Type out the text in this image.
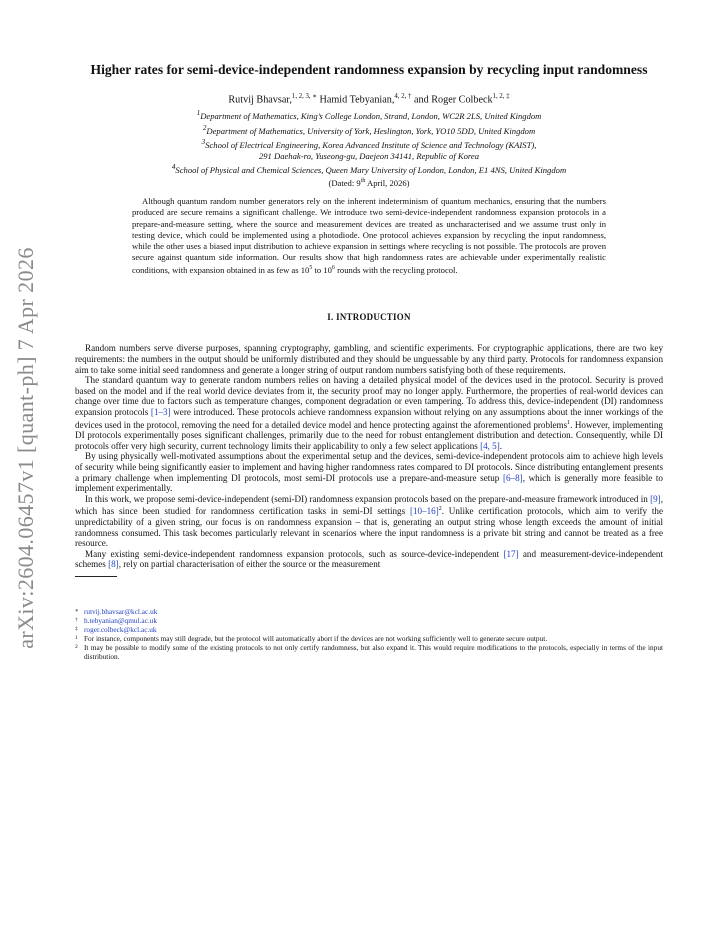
arXiv:2604.06457v1 [quant-ph] 7 Apr 2026
Higher rates for semi-device-independent randomness expansion by recycling input randomness
Rutvij Bhavsar,$^{1, 2, 3, ∗}$ Hamid Tebyanian,$^{4, 2, \dagger}$ and Roger Colbeck$^{1, 2, \ddagger}$
$^1$Department of Mathematics, King’s College London, Strand, London, WC2R 2LS, United Kingdom
$^2$Department of Mathematics, University of York, Heslington, York, YO10 5DD, United Kingdom
$^3$School of Electrical Engineering, Korea Advanced Institute of Science and Technology (KAIST),
291 Daehak-ro, Yuseong-gu, Daejeon 34141, Republic of Korea
$^4$School of Physical and Chemical Sciences, Queen Mary University of London, London, E1 4NS, United Kingdom
(Dated: 9th April, 2026)
Although quantum random number generators rely on the inherent indeterminism of quantum mechanics, ensuring that the numbers produced are secure remains a significant challenge. We introduce two semi-device-independent randomness expansion protocols in a prepare-and-measure setting, where the source and measurement devices are treated as uncharacterised and we assume trust only in testing device, which could be implemented using a photodiode. One protocol achieves expansion by recycling the input randomness, while the other uses a biased input distribution to achieve expansion in settings where recycling is not possible. The protocols are proven secure against quantum side information. Our results show that high randomness rates are achievable under experimentally realistic conditions, with expansion obtained in as few as $10^5$ to $10^6$ rounds with the recycling protocol.
I. INTRODUCTION

Random numbers serve diverse purposes, spanning cryptography, gambling, and scientific experiments. For cryptographic applications, there are two key requirements: the numbers in the output should be uniformly distributed and they should be unguessable by any third party. Protocols for randomness expansion aim to take some initial seed randomness and generate a longer string of output random numbers satisfying both of these requirements.

The standard quantum way to generate random numbers relies on having a detailed physical model of the devices used in the protocol. Security is proved based on the model and if the real world device deviates from it, the security proof may no longer apply. Furthermore, the properties of real-world devices can change over time due to factors such as temperature changes, component degradation or even tampering. To address this, device-independent (DI) randomness expansion protocols [1–3] were introduced. These protocols achieve randomness expansion without relying on any assumptions about the inner workings of the devices used in the protocol, removing the need for a detailed device model and hence protecting against the aforementioned problems$^1$. However, implementing DI protocols experimentally poses significant challenges, primarily due to the need for robust entanglement distribution and detection. Consequently, while DI protocols offer very high security, current technology limits their applicability to only a few select applications [4, 5].

By using physically well-motivated assumptions about the experimental setup and the devices, semi-device-independent protocols aim to achieve high levels of security while being significantly easier to implement and having higher randomness rates compared to DI protocols. Since distributing entanglement presents a primary challenge when implementing DI protocols, most semi-DI protocols use a prepare-and-measure setup [6–8], which is generally more feasible to implement experimentally.

In this work, we propose semi-device-independent (semi-DI) randomness expansion protocols based on the prepare-and-measure framework introduced in [9], which has since been studied for randomness certification tasks in semi-DI settings $[10-16]^2$. Unlike certification protocols, which aim to verify the unpredictability of a given string, our focus is on randomness expansion – that is, generating an output string whose length exceeds the amount of initial randomness consumed. This task becomes particularly relevant in scenarios where the input randomness is a private bit string and cannot be treated as a free resource.

Many existing semi-device-independent randomness expansion protocols, such as source-device-independent [17] and measurement-device-independent schemes [8], rely on partial characterisation of either the source or the measurement

∗ rutvij.bhavsar@kcl.ac.uk
† h.tebyanian@qmul.ac.uk
‡ roger.colbeck@kcl.ac.uk
1 For instance, components may still degrade, but the protocol will automatically abort if the devices are not working sufficiently well to generate secure output.
2 It may be possible to modify some of the existing protocols to not only certify randomness, but also expand it. This would require modifications to the protocols, especially in terms of the input distribution.
